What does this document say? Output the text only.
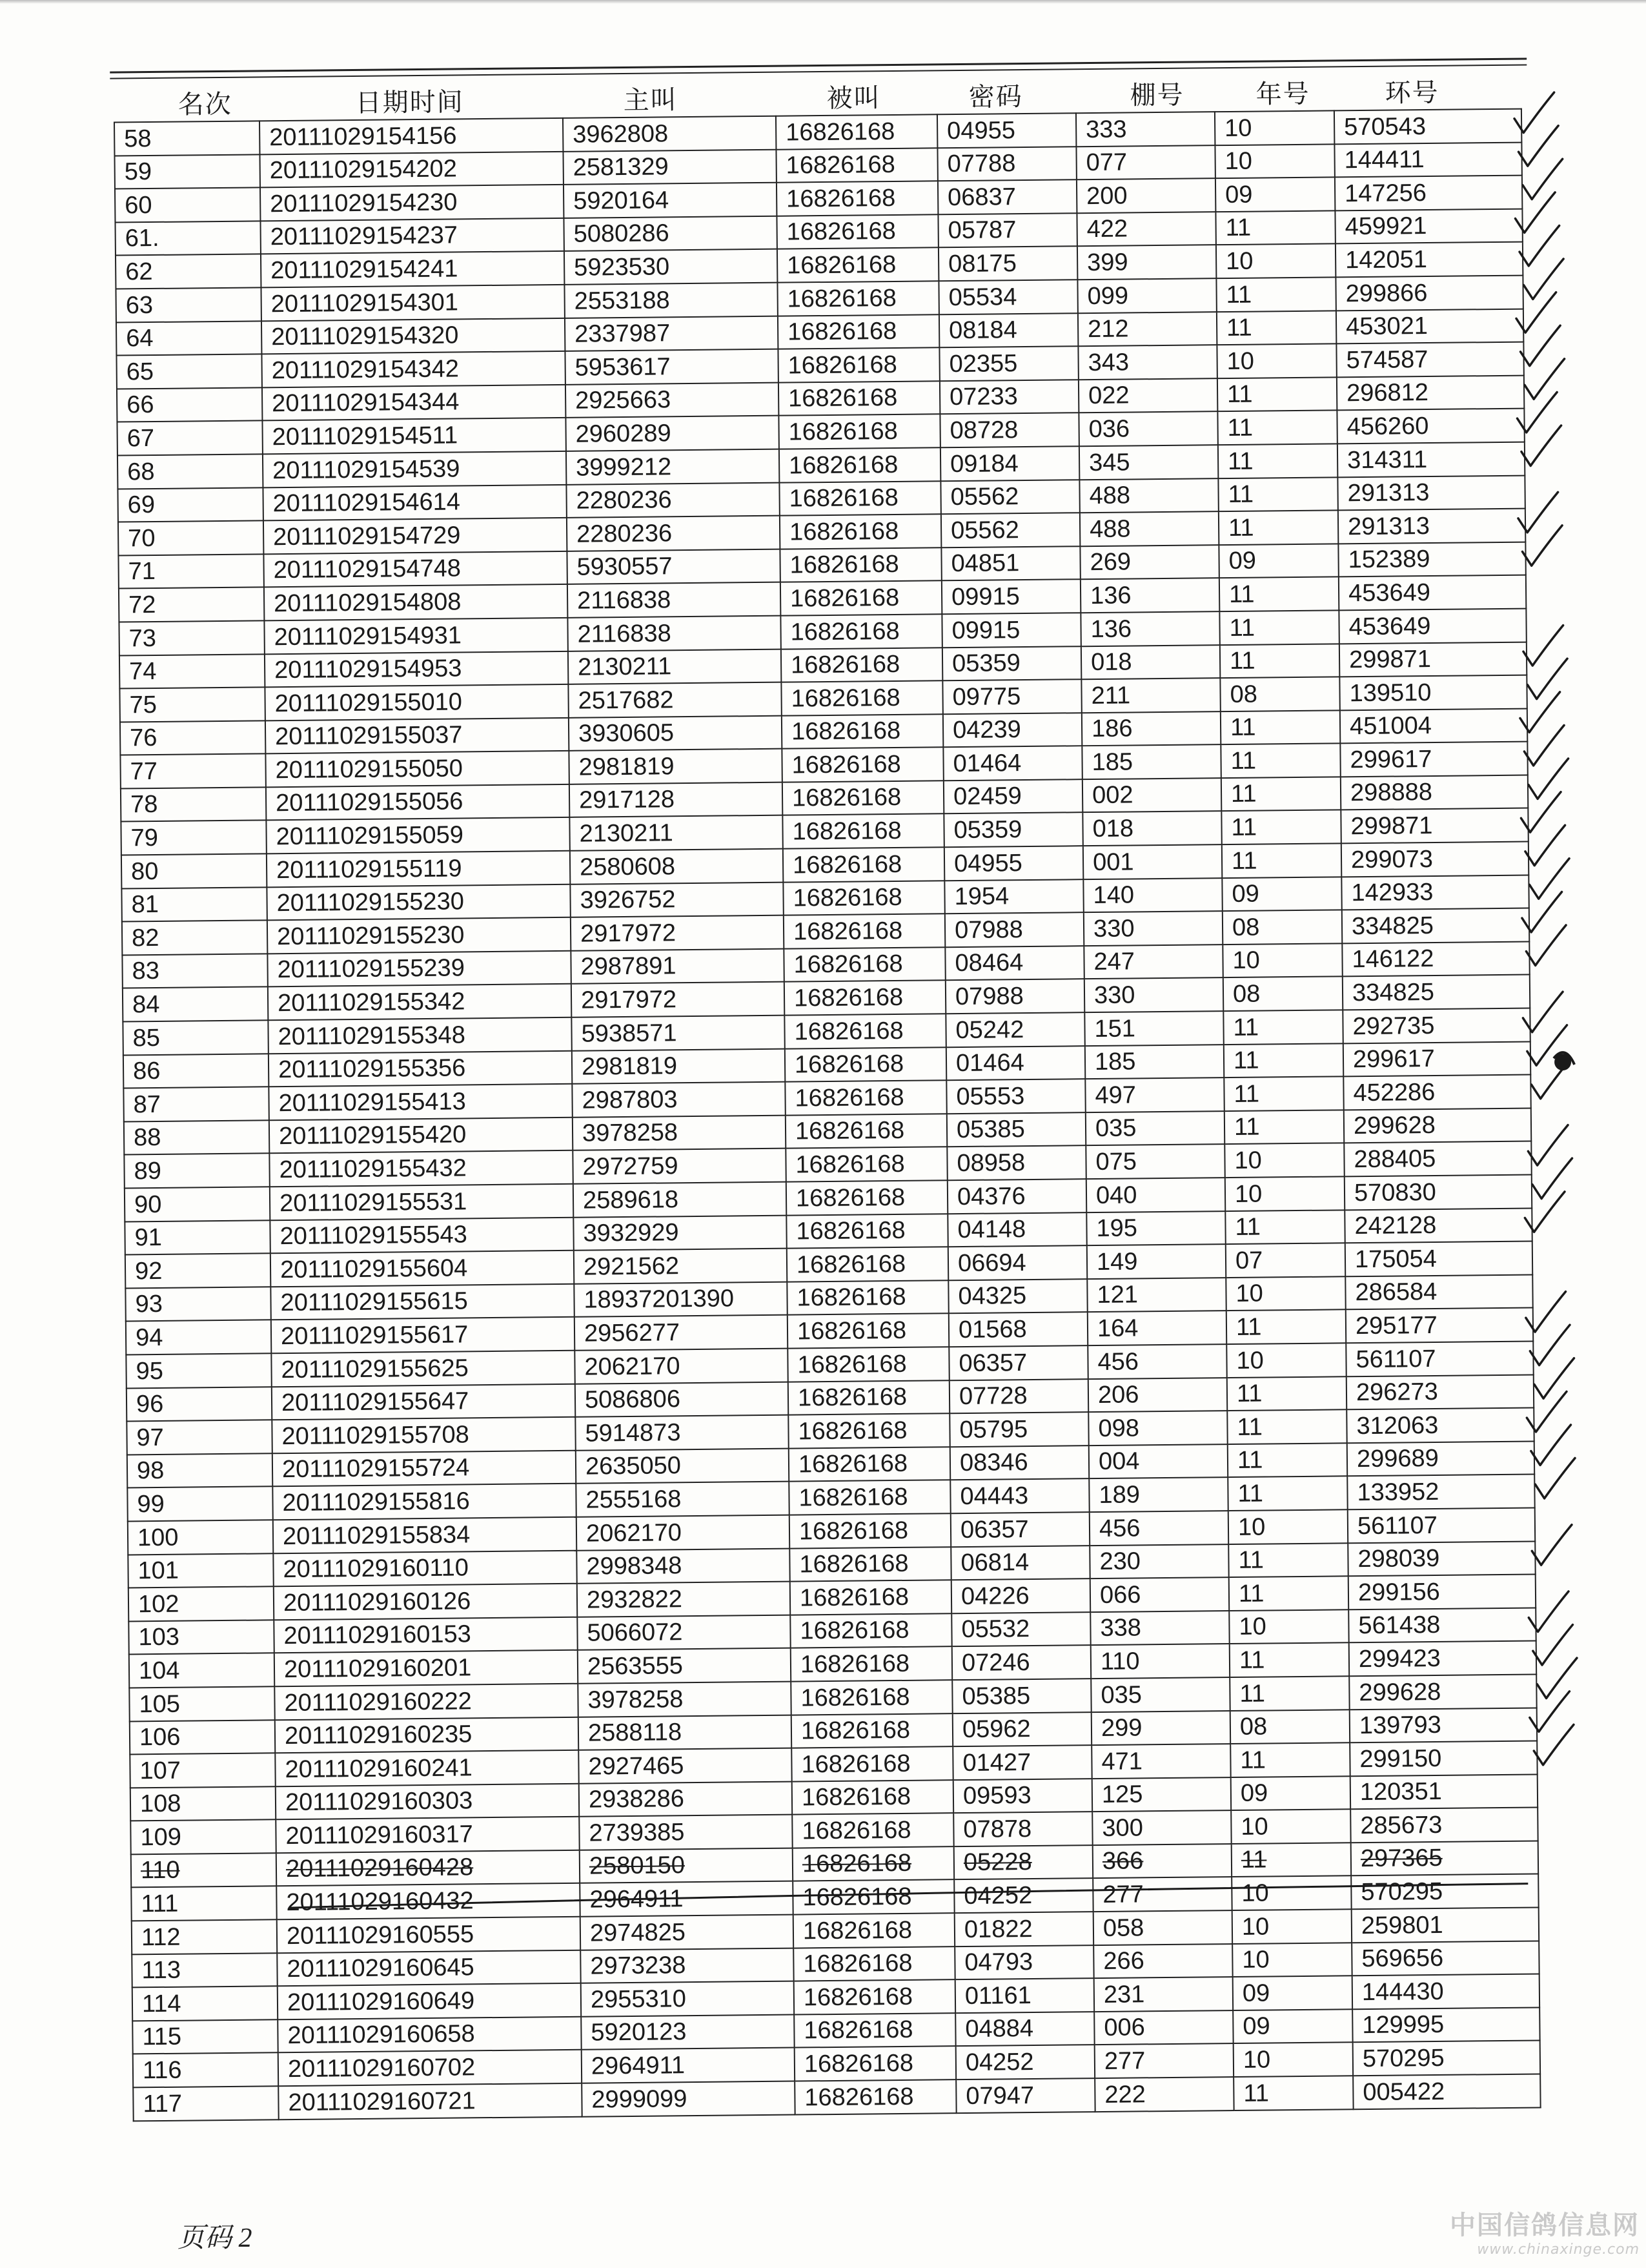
名次	日期时间	主叫	被叫	密码	棚号	年号	环号
58	20111029154156	3962808	16826168	04955	333	10	570543
59	20111029154202	2581329	16826168	07788	077	10	144411
60	20111029154230	5920164	16826168	06837	200	09	147256
61.	20111029154237	5080286	16826168	05787	422	11	459921
62	20111029154241	5923530	16826168	08175	399	10	142051
63	20111029154301	2553188	16826168	05534	099	11	299866
64	20111029154320	2337987	16826168	08184	212	11	453021
65	20111029154342	5953617	16826168	02355	343	10	574587
66	20111029154344	2925663	16826168	07233	022	11	296812
67	20111029154511	2960289	16826168	08728	036	11	456260
68	20111029154539	3999212	16826168	09184	345	11	314311
69	20111029154614	2280236	16826168	05562	488	11	291313
70	20111029154729	2280236	16826168	05562	488	11	291313
71	20111029154748	5930557	16826168	04851	269	09	152389
72	20111029154808	2116838	16826168	09915	136	11	453649
73	20111029154931	2116838	16826168	09915	136	11	453649
74	20111029154953	2130211	16826168	05359	018	11	299871
75	20111029155010	2517682	16826168	09775	211	08	139510
76	20111029155037	3930605	16826168	04239	186	11	451004
77	20111029155050	2981819	16826168	01464	185	11	299617
78	20111029155056	2917128	16826168	02459	002	11	298888
79	20111029155059	2130211	16826168	05359	018	11	299871
80	20111029155119	2580608	16826168	04955	001	11	299073
81	20111029155230	3926752	16826168	1954	140	09	142933
82	20111029155230	2917972	16826168	07988	330	08	334825
83	20111029155239	2987891	16826168	08464	247	10	146122
84	20111029155342	2917972	16826168	07988	330	08	334825
85	20111029155348	5938571	16826168	05242	151	11	292735
86	20111029155356	2981819	16826168	01464	185	11	299617
87	20111029155413	2987803	16826168	05553	497	11	452286
88	20111029155420	3978258	16826168	05385	035	11	299628
89	20111029155432	2972759	16826168	08958	075	10	288405
90	20111029155531	2589618	16826168	04376	040	10	570830
91	20111029155543	3932929	16826168	04148	195	11	242128
92	20111029155604	2921562	16826168	06694	149	07	175054
93	20111029155615	18937201390	16826168	04325	121	10	286584
94	20111029155617	2956277	16826168	01568	164	11	295177
95	20111029155625	2062170	16826168	06357	456	10	561107
96	20111029155647	5086806	16826168	07728	206	11	296273
97	20111029155708	5914873	16826168	05795	098	11	312063
98	20111029155724	2635050	16826168	08346	004	11	299689
99	20111029155816	2555168	16826168	04443	189	11	133952
100	20111029155834	2062170	16826168	06357	456	10	561107
101	20111029160110	2998348	16826168	06814	230	11	298039
102	20111029160126	2932822	16826168	04226	066	11	299156
103	20111029160153	5066072	16826168	05532	338	10	561438
104	20111029160201	2563555	16826168	07246	110	11	299423
105	20111029160222	3978258	16826168	05385	035	11	299628
106	20111029160235	2588118	16826168	05962	299	08	139793
107	20111029160241	2927465	16826168	01427	471	11	299150
108	20111029160303	2938286	16826168	09593	125	09	120351
109	20111029160317	2739385	16826168	07878	300	10	285673
110	20111029160428	2580150	16826168	05228	366	11	297365
111	20111029160432	2964911	16826168	04252	277	10	570295
112	20111029160555	2974825	16826168	01822	058	10	259801
113	20111029160645	2973238	16826168	04793	266	10	569656
114	20111029160649	2955310	16826168	01161	231	09	144430
115	20111029160658	5920123	16826168	04884	006	09	129995
116	20111029160702	2964911	16826168	04252	277	10	570295
117	20111029160721	2999099	16826168	07947	222	11	005422
页码 2	中国信鸽信息网
www.chinaxinge.com
